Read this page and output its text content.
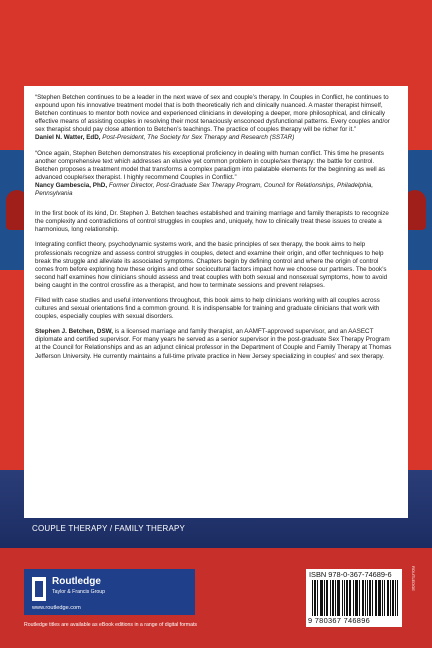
“Stephen Betchen continues to be a leader in the next wave of sex and couple’s therapy. In Couples in Conflict, he continues to expound upon his innovative treatment model that is both theoretically rich and clinically nuanced. A master therapist himself, Betchen continues to mentor both novice and experienced clinicians in developing a deeper, more philosophical, and clinically effective means of assisting couples in resolving their most tenaciously ensconced dysfunctional patterns. Every couples and/or sex therapist should pay close attention to Betchen’s teachings. The practice of couples therapy will be richer for it.”
Daniel N. Watter, EdD, Post-President, The Society for Sex Therapy and Research (SSTAR)

“Once again, Stephen Betchen demonstrates his exceptional proficiency in dealing with human conflict. This time he presents another comprehensive text which addresses an elusive yet common problem in couple/sex therapy: the battle for control. Betchen proposes a treatment model that transforms a complex paradigm into palatable elements for the beginning as well as advanced couple/sex therapist. I highly recommend Couples in Conflict.”
Nancy Gambescia, PhD, Former Director, Post-Graduate Sex Therapy Program, Council for Relationships, Philadelphia, Pennsylvania

In the first book of its kind, Dr. Stephen J. Betchen teaches established and training marriage and family therapists to recognize the complexity and contradictions of control struggles in couples and, uniquely, how to clinically treat these issues to create a harmonious, long relationship.

Integrating conflict theory, psychodynamic systems work, and the basic principles of sex therapy, the book aims to help professionals recognize and assess control struggles in couples, detect and examine their origin, and offer techniques to help break the struggle and alleviate its associated symptoms. Chapters begin by defining control and where the origin of control comes from before exploring how these origins and other sociocultural factors impact how we choose our partners. The book’s second half examines how clinicians should assess and treat couples with both sexual and nonsexual symptoms, how to avoid being caught in the control crossfire as a therapist, and how to terminate sessions and prevent relapses.

Filled with case studies and useful interventions throughout, this book aims to help clinicians working with all couples across cultures and sexual orientations find a common ground. It is indispensable for training and graduate clinicians that work with couples, especially couples with sexual disorders.

Stephen J. Betchen, DSW, is a licensed marriage and family therapist, an AAMFT-approved supervisor, and an AASECT diplomate and certified supervisor. For many years he served as a senior supervisor in the post-graduate Sex Therapy Program at the Council for Relationships and as an adjunct clinical professor in the Department of Couple and Family Therapy at Thomas Jefferson University. He currently maintains a full-time private practice in New Jersey specializing in couples’ and sex therapy.

COUPLE THERAPY / FAMILY THERAPY
Routledge
Taylor & Francis Group
www.routledge.com
Routledge titles are available as eBook editions in a range of digital formats
ISBN 978-0-367-74689-6
9 780367 746896
ROUTLEDGE
